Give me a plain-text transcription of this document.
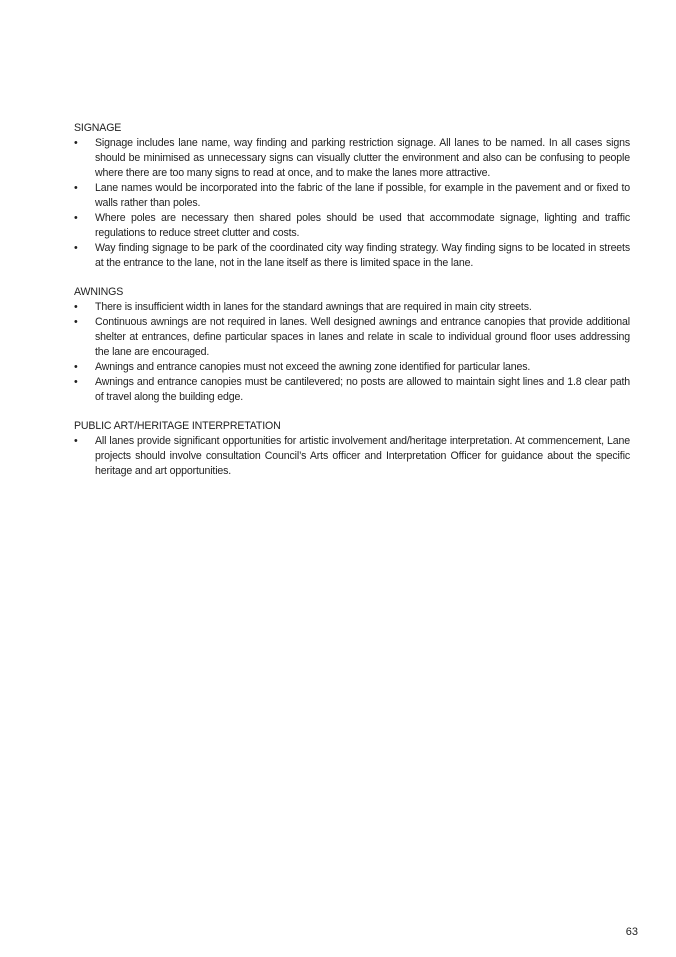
SIGNAGE
• Signage includes lane name, way ﬁnding and parking restriction signage. All lanes to be named. In all cases signs should be minimised as unnecessary signs can visually clutter the environment and also can be confusing to people where there are too many signs to read at once, and to make the lanes more attractive.
• Lane names would be incorporated into the fabric of the lane if possible, for example in the pavement and or ﬁxed to walls rather than poles.
• Where poles are necessary then shared poles should be used that accommodate signage, lighting and trafﬁc regulations to reduce street clutter and costs.
• Way ﬁnding signage to be park of the coordinated city way ﬁnding strategy. Way ﬁnding signs to be located in streets at the entrance to the lane, not in the lane itself as there is limited space in the lane.
AWNINGS
• There is insufﬁcient width in lanes for the standard awnings that are required in main city streets.
• Continuous awnings are not required in lanes. Well designed awnings and entrance canopies that provide additional shelter at entrances, deﬁne particular spaces in lanes and relate in scale to individual ground ﬂoor uses addressing the lane are encouraged.
• Awnings and entrance canopies must not exceed the awning zone identiﬁed for particular lanes.
• Awnings and entrance canopies must be cantilevered; no posts are allowed to maintain sight lines and 1.8 clear path of travel along the building edge.
PUBLIC ART/HERITAGE INTERPRETATION
• All lanes provide signiﬁcant opportunities for artistic involvement and/heritage interpretation. At commencement, Lane projects should involve consultation Council’s Arts ofﬁcer and Interpretation Ofﬁcer for guidance about the speciﬁc heritage and art opportunities.
63
